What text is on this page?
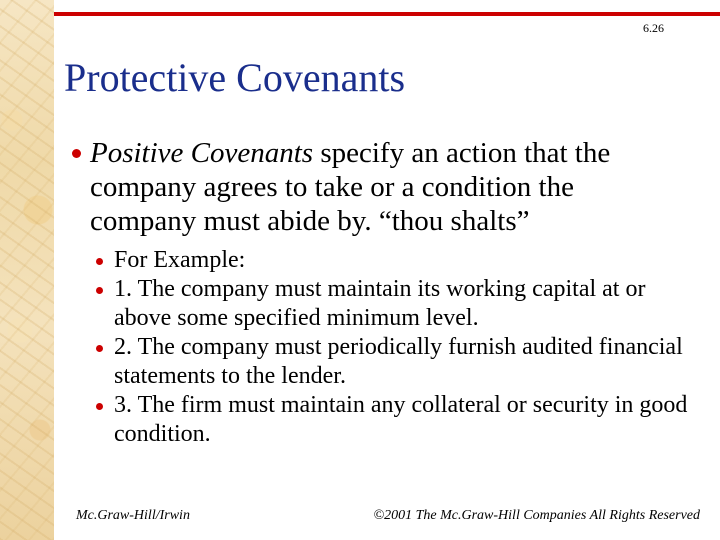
6.26
Protective Covenants
Positive Covenants specify an action that the company agrees to take or a condition the company must abide by. “thou shalts”
For Example:
1. The company must maintain its working capital at or above some specified minimum level.
2. The company must periodically furnish audited financial statements to the lender.
3. The firm must maintain any collateral or security in good condition.
Mc.Graw-Hill/Irwin	©2001 The Mc.Graw-Hill Companies All Rights Reserved
